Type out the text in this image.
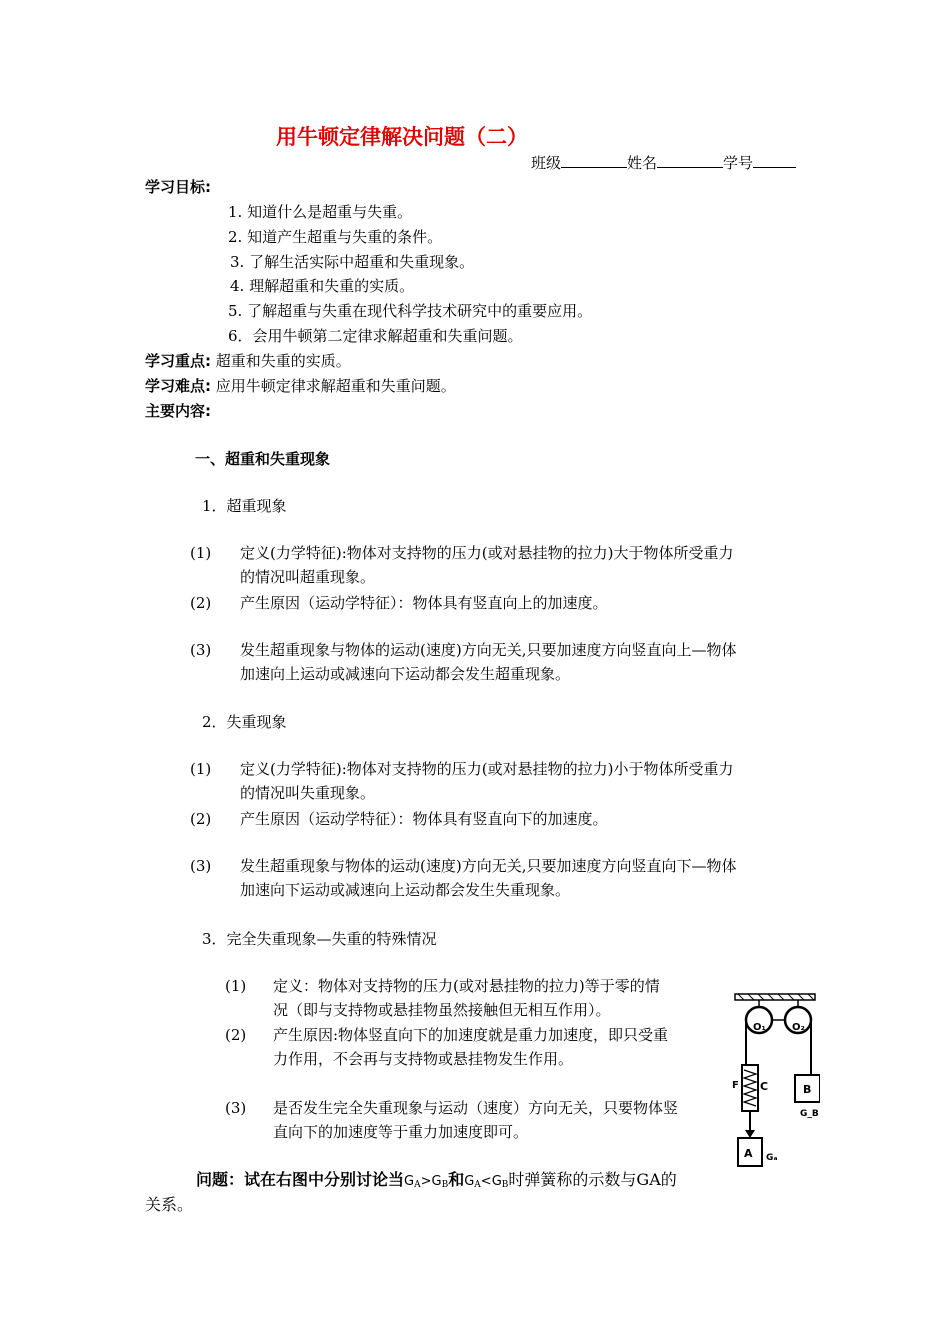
用牛顿定律解决问题（二）
班级	姓名	学号
学习目标:
1. 知道什么是超重与失重。
2. 知道产生超重与失重的条件。
3. 了解生活实际中超重和失重现象。
4. 理解超重和失重的实质。
5. 了解超重与失重在现代科学技术研究中的重要应用。
6．会用牛顿第二定律求解超重和失重问题。
学习重点: 超重和失重的实质。
学习难点: 应用牛顿定律求解超重和失重问题。
主要内容:
一、超重和失重现象
1．超重现象
(1) 定义(力学特征):物体对支持物的压力(或对悬挂物的拉力)大于物体所受重力
的情况叫超重现象。
(2) 产生原因（运动学特征）：物体具有竖直向上的加速度。
(3) 发生超重现象与物体的运动(速度)方向无关,只要加速度方向竖直向上—物体
加速向上运动或减速向下运动都会发生超重现象。
2．失重现象
(1) 定义(力学特征):物体对支持物的压力(或对悬挂物的拉力)小于物体所受重力
的情况叫失重现象。
(2) 产生原因（运动学特征）：物体具有竖直向下的加速度。
(3) 发生超重现象与物体的运动(速度)方向无关,只要加速度方向竖直向下—物体
加速向下运动或减速向上运动都会发生失重现象。
3．完全失重现象—失重的特殊情况
(1) 定义：物体对支持物的压力(或对悬挂物的拉力)等于零的情
况（即与支持物或悬挂物虽然接触但无相互作用）。
(2) 产生原因:物体竖直向下的加速度就是重力加速度，即只受重
力作用，不会再与支持物或悬挂物发生作用。
(3) 是否发生完全失重现象与运动（速度）方向无关，只要物体竖
直向下的加速度等于重力加速度即可。
问题：试在右图中分别讨论当$G_A>G_B$和$G_A<G_B$时弹簧称的示数与GA的
关系。
O₁	O₂
C
F
A Gₐ
B
G_B
